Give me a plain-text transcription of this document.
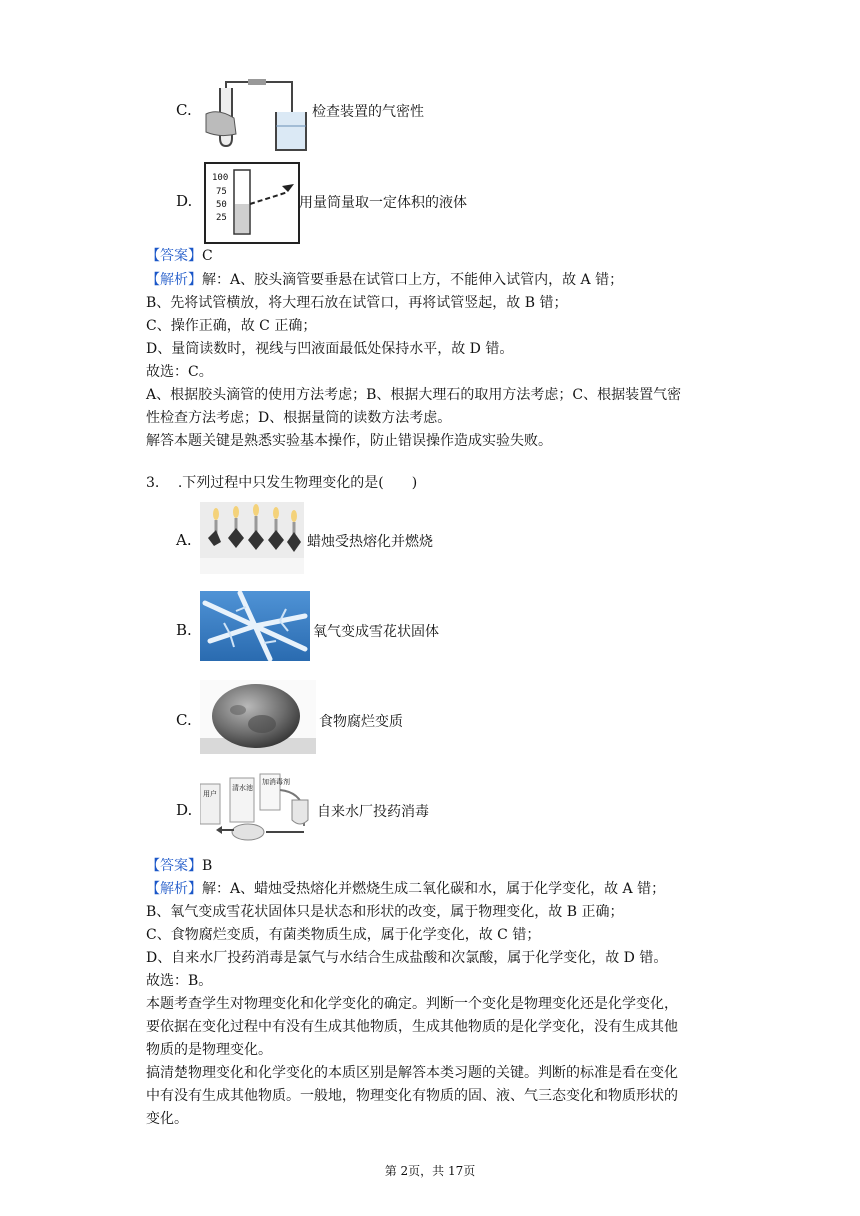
C.	检查装置的气密性
D.
100
75
50
25
用量筒量取一定体积的液体
【答案】C
【解析】解：A、胶头滴管要垂悬在试管口上方，不能伸入试管内，故 A 错；
B、先将试管横放，将大理石放在试管口，再将试管竖起，故 B 错；
C、操作正确，故 C 正确；
D、量筒读数时，视线与凹液面最低处保持水平，故 D 错。
故选：C。
A、根据胶头滴管的使用方法考虑；B、根据大理石的取用方法考虑；C、根据装置气密
性检查方法考虑；D、根据量筒的读数方法考虑。
解答本题关键是熟悉实验基本操作，防止错误操作造成实验失败。
3. .下列过程中只发生物理变化的是(　　)
A.	蜡烛受热熔化并燃烧
B.	氧气变成雪花状固体
C.	食物腐烂变质
D.
用户
清水池
加消毒剂
自来水厂投药消毒
【答案】B
【解析】解：A、蜡烛受热熔化并燃烧生成二氧化碳和水，属于化学变化，故 A 错；
B、氧气变成雪花状固体只是状态和形状的改变，属于物理变化，故 B 正确；
C、食物腐烂变质，有菌类物质生成，属于化学变化，故 C 错；
D、自来水厂投药消毒是氯气与水结合生成盐酸和次氯酸，属于化学变化，故 D 错。
故选：B。
本题考查学生对物理变化和化学变化的确定。判断一个变化是物理变化还是化学变化，
要依据在变化过程中有没有生成其他物质，生成其他物质的是化学变化，没有生成其他
物质的是物理变化。
搞清楚物理变化和化学变化的本质区别是解答本类习题的关键。判断的标准是看在变化
中有没有生成其他物质。一般地，物理变化有物质的固、液、气三态变化和物质形状的
变化。
第 2页，共 17页
